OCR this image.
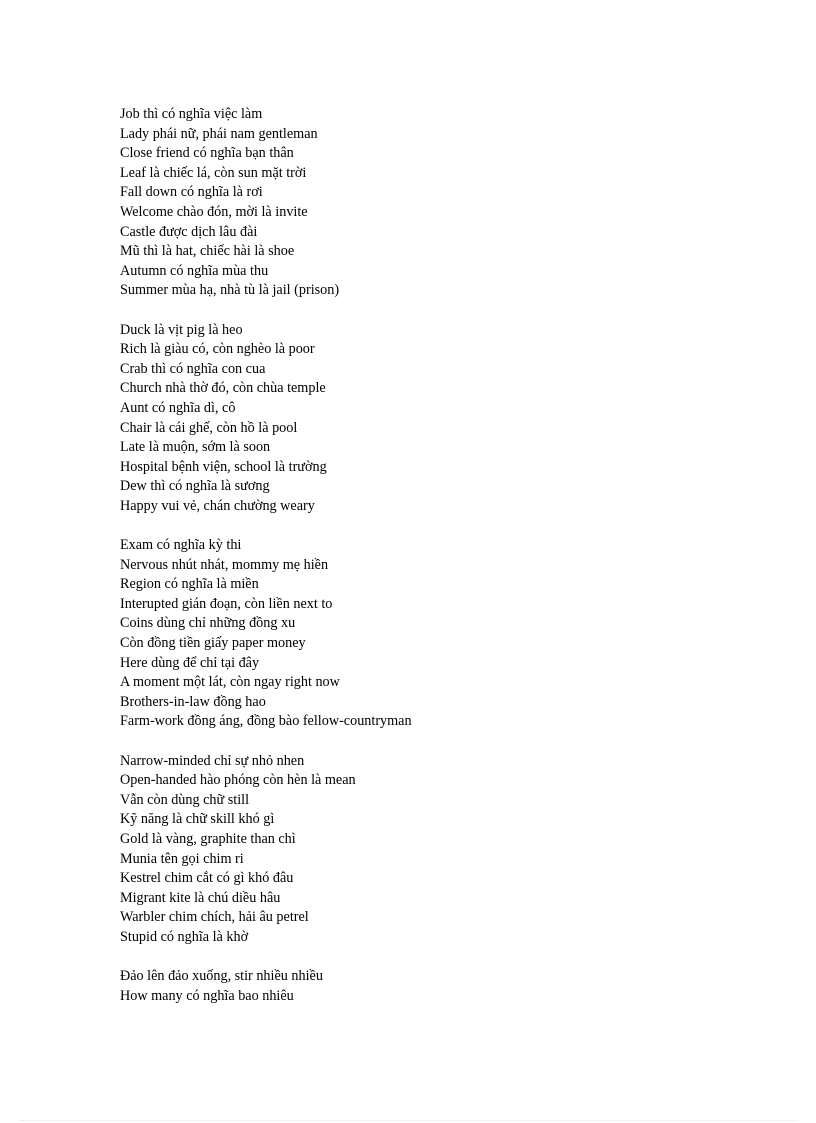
Job thì có nghĩa việc làm
Lady phái nữ, phái nam gentleman
Close friend có nghĩa bạn thân
Leaf là chiếc lá, còn sun mặt trời
Fall down có nghĩa là rơi
Welcome chào đón, mời là invite
Castle được dịch lâu đài
Mũ thì là hat, chiếc hài là shoe
Autumn có nghĩa mùa thu
Summer mùa hạ, nhà tù là jail (prison)
Duck là vịt pig là heo
Rich là giàu có, còn nghèo là poor
Crab thì có nghĩa con cua
Church nhà thờ đó, còn chùa temple
Aunt có nghĩa dì, cô
Chair là cái ghế, còn hồ là pool
Late là muộn, sớm là soon
Hospital bệnh viện, school là trường
Dew thì có nghĩa là sương
Happy vui vẻ, chán chường weary
Exam có nghĩa kỳ thi
Nervous nhút nhát, mommy mẹ hiền
Region có nghĩa là miền
Interupted gián đoạn, còn liền next to
Coins dùng chỉ những đồng xu
Còn đồng tiền giấy paper money
Here dùng để chỉ tại đây
A moment một lát, còn ngay right now
Brothers-in-law đồng hao
Farm-work đồng áng, đồng bào fellow-countryman
Narrow-minded chỉ sự nhỏ nhen
Open-handed hào phóng còn hèn là mean
Vẫn còn dùng chữ still
Kỹ năng là chữ skill khó gì
Gold là vàng, graphite than chì
Munia tên gọi chim ri
Kestrel chim cắt có gì khó đâu
Migrant kite là chú diều hâu
Warbler chim chích, hải âu petrel
Stupid có nghĩa là khờ
Đảo lên đảo xuống, stir nhiều nhiều
How many có nghĩa bao nhiêu
